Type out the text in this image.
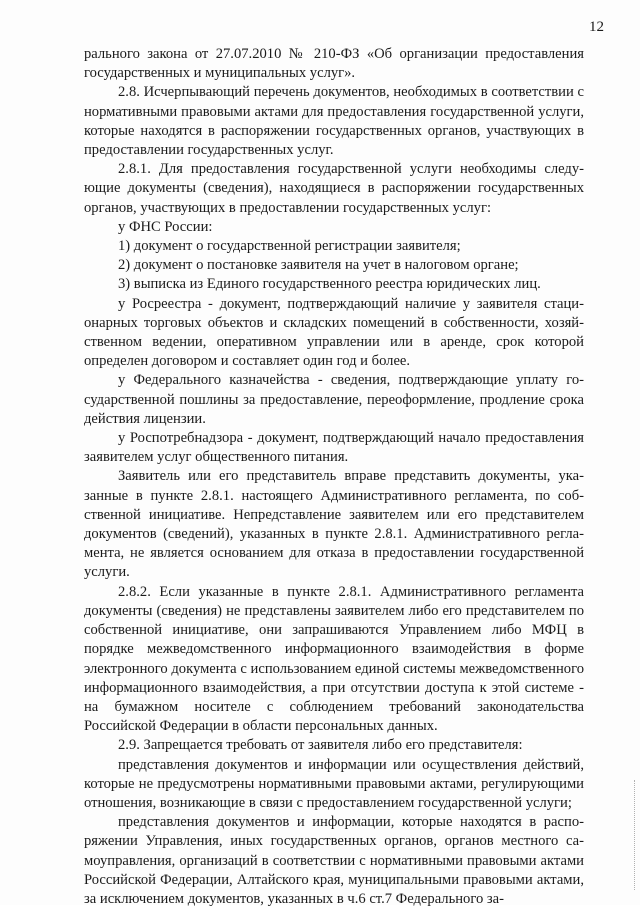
12

рального закона от 27.07.2010 № 210-ФЗ «Об организации предоставления государственных и муниципальных услуг».

2.8. Исчерпывающий перечень документов, необходимых в соответствии с нормативными правовыми актами для предоставления государственной услуги, которые находятся в распоряжении государственных органов, участвующих в предоставлении государственных услуг.

2.8.1. Для предоставления государственной услуги необходимы следующие документы (сведения), находящиеся в распоряжении государственных органов, участвующих в предоставлении государственных услуг:

у ФНС России:

1) документ о государственной регистрации заявителя;

2) документ о постановке заявителя на учет в налоговом органе;

3) выписка из Единого государственного реестра юридических лиц.

у Росреестра - документ, подтверждающий наличие у заявителя стационарных торговых объектов и складских помещений в собственности, хозяйственном ведении, оперативном управлении или в аренде, срок которой определен договором и составляет один год и более.

у Федерального казначейства - сведения, подтверждающие уплату государственной пошлины за предоставление, переоформление, продление срока действия лицензии.

у Роспотребнадзора - документ, подтверждающий начало предоставления заявителем услуг общественного питания.

Заявитель или его представитель вправе представить документы, указанные в пункте 2.8.1. настоящего Административного регламента, по собственной инициативе. Непредставление заявителем или его представителем документов (сведений), указанных в пункте 2.8.1. Административного регламента, не является основанием для отказа в предоставлении государственной услуги.

2.8.2. Если указанные в пункте 2.8.1. Административного регламента документы (сведения) не представлены заявителем либо его представителем по собственной инициативе, они запрашиваются Управлением либо МФЦ в порядке межведомственного информационного взаимодействия в форме электронного документа с использованием единой системы межведомственного информационного взаимодействия, а при отсутствии доступа к этой системе - на бумажном носителе с соблюдением требований законодательства Российской Федерации в области персональных данных.

2.9. Запрещается требовать от заявителя либо его представителя:

представления документов и информации или осуществления действий, которые не предусмотрены нормативными правовыми актами, регулирующими отношения, возникающие в связи с предоставлением государственной услуги;

представления документов и информации, которые находятся в распоряжении Управления, иных государственных органов, органов местного самоуправления, организаций в соответствии с нормативными правовыми актами Российской Федерации, Алтайского края, муниципальными правовыми актами, за исключением документов, указанных в ч.6 ст.7 Федерального за-
